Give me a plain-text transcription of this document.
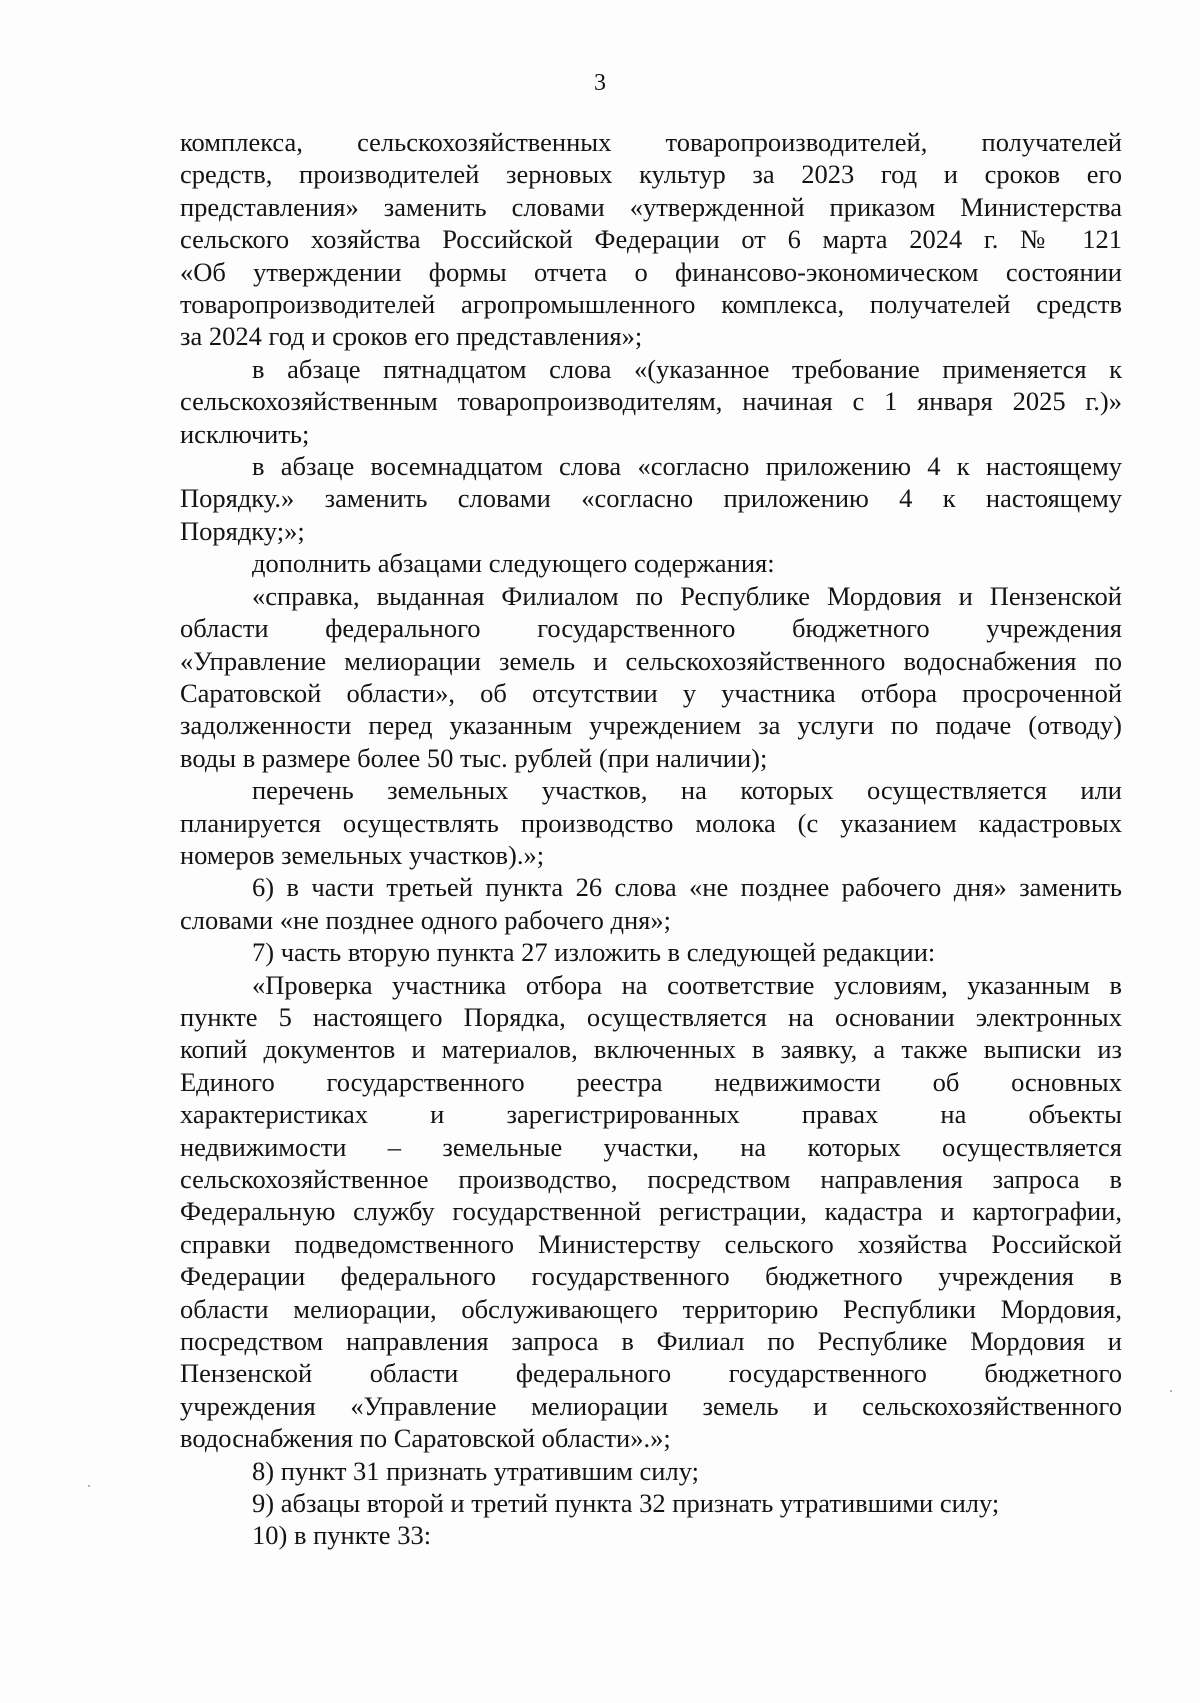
3
комплекса, сельскохозяйственных товаропроизводителей, получателей
средств, производителей зерновых культур за 2023 год и сроков его
представления» заменить словами «утвержденной приказом Министерства
сельского хозяйства Российской Федерации от 6 марта 2024 г. № 121
«Об утверждении формы отчета о финансово-экономическом состоянии
товаропроизводителей агропромышленного комплекса, получателей средств
за 2024 год и сроков его представления»;
в абзаце пятнадцатом слова «(указанное требование применяется к
сельскохозяйственным товаропроизводителям, начиная с 1 января 2025 г.)»
исключить;
в абзаце восемнадцатом слова «согласно приложению 4 к настоящему
Порядку.» заменить словами «согласно приложению 4 к настоящему
Порядку;»;
дополнить абзацами следующего содержания:
«справка, выданная Филиалом по Республике Мордовия и Пензенской
области федерального государственного бюджетного учреждения
«Управление мелиорации земель и сельскохозяйственного водоснабжения по
Саратовской области», об отсутствии у участника отбора просроченной
задолженности перед указанным учреждением за услуги по подаче (отводу)
воды в размере более 50 тыс. рублей (при наличии);
перечень земельных участков, на которых осуществляется или
планируется осуществлять производство молока (с указанием кадастровых
номеров земельных участков).»;
6) в части третьей пункта 26 слова «не позднее рабочего дня» заменить
словами «не позднее одного рабочего дня»;
7) часть вторую пункта 27 изложить в следующей редакции:
«Проверка участника отбора на соответствие условиям, указанным в
пункте 5 настоящего Порядка, осуществляется на основании электронных
копий документов и материалов, включенных в заявку, а также выписки из
Единого государственного реестра недвижимости об основных
характеристиках и зарегистрированных правах на объекты
недвижимости – земельные участки, на которых осуществляется
сельскохозяйственное производство, посредством направления запроса в
Федеральную службу государственной регистрации, кадастра и картографии,
справки подведомственного Министерству сельского хозяйства Российской
Федерации федерального государственного бюджетного учреждения в
области мелиорации, обслуживающего территорию Республики Мордовия,
посредством направления запроса в Филиал по Республике Мордовия и
Пензенской области федерального государственного бюджетного
учреждения «Управление мелиорации земель и сельскохозяйственного
водоснабжения по Саратовской области».»;
8) пункт 31 признать утратившим силу;
9) абзацы второй и третий пункта 32 признать утратившими силу;
10) в пункте 33:
